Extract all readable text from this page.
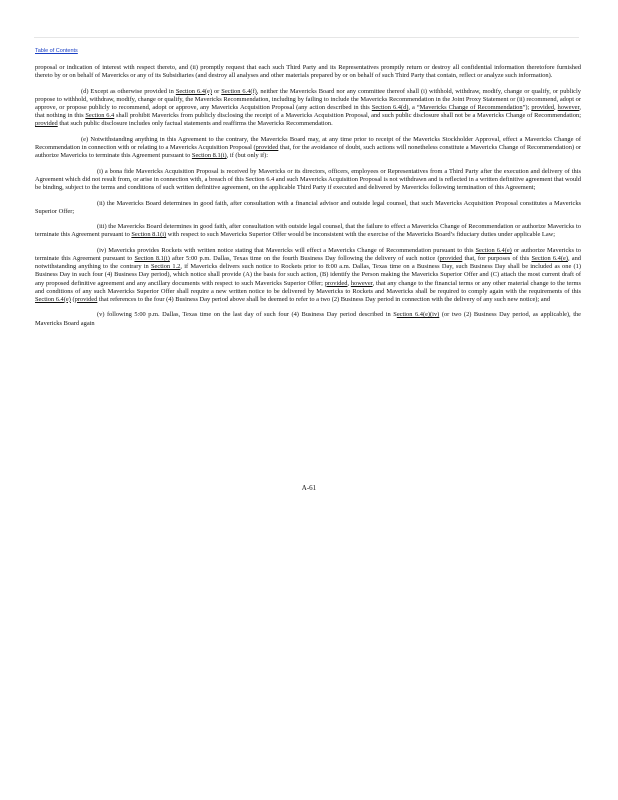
Table of Contents

proposal or indication of interest with respect thereto, and (ii) promptly request that each such Third Party and its Representatives promptly return or destroy all confidential information theretofore furnished thereto by or on behalf of Mavericks or any of its Subsidiaries (and destroy all analyses and other materials prepared by or on behalf of such Third Party that contain, reflect or analyze such information).

(d) Except as otherwise provided in Section 6.4(e) or Section 6.4(f), neither the Mavericks Board nor any committee thereof shall (i) withhold, withdraw, modify, change or qualify, or publicly propose to withhold, withdraw, modify, change or qualify, the Mavericks Recommendation, including by failing to include the Mavericks Recommendation in the Joint Proxy Statement or (ii) recommend, adopt or approve, or propose publicly to recommend, adopt or approve, any Mavericks Acquisition Proposal (any action described in this Section 6.4(d), a “Mavericks Change of Recommendation”); provided, however, that nothing in this Section 6.4 shall prohibit Mavericks from publicly disclosing the receipt of a Mavericks Acquisition Proposal, and such public disclosure shall not be a Mavericks Change of Recommendation; provided that such public disclosure includes only factual statements and reaffirms the Mavericks Recommendation.

(e) Notwithstanding anything in this Agreement to the contrary, the Mavericks Board may, at any time prior to receipt of the Mavericks Stockholder Approval, effect a Mavericks Change of Recommendation in connection with or relating to a Mavericks Acquisition Proposal (provided that, for the avoidance of doubt, such actions will nonetheless constitute a Mavericks Change of Recommendation) or authorize Mavericks to terminate this Agreement pursuant to Section 8.1(i), if (but only if):

(i) a bona fide Mavericks Acquisition Proposal is received by Mavericks or its directors, officers, employees or Representatives from a Third Party after the execution and delivery of this Agreement which did not result from, or arise in connection with, a breach of this Section 6.4 and such Mavericks Acquisition Proposal is not withdrawn and is reflected in a written definitive agreement that would be binding, subject to the terms and conditions of such written definitive agreement, on the applicable Third Party if executed and delivered by Mavericks following termination of this Agreement;

(ii) the Mavericks Board determines in good faith, after consultation with a financial advisor and outside legal counsel, that such Mavericks Acquisition Proposal constitutes a Mavericks Superior Offer;

(iii) the Mavericks Board determines in good faith, after consultation with outside legal counsel, that the failure to effect a Mavericks Change of Recommendation or authorize Mavericks to terminate this Agreement pursuant to Section 8.1(i) with respect to such Mavericks Superior Offer would be inconsistent with the exercise of the Mavericks Board’s fiduciary duties under applicable Law;

(iv) Mavericks provides Rockets with written notice stating that Mavericks will effect a Mavericks Change of Recommendation pursuant to this Section 6.4(e) or authorize Mavericks to terminate this Agreement pursuant to Section 8.1(i) after 5:00 p.m. Dallas, Texas time on the fourth Business Day following the delivery of such notice (provided that, for purposes of this Section 6.4(e), and notwithstanding anything to the contrary in Section 1.2, if Mavericks delivers such notice to Rockets prior to 8:00 a.m. Dallas, Texas time on a Business Day, such Business Day shall be included as one (1) Business Day in such four (4) Business Day period), which notice shall provide (A) the basis for such action, (B) identify the Person making the Mavericks Superior Offer and (C) attach the most current draft of any proposed definitive agreement and any ancillary documents with respect to such Mavericks Superior Offer; provided, however, that any change to the financial terms or any other material change to the terms and conditions of any such Mavericks Superior Offer shall require a new written notice to be delivered by Mavericks to Rockets and Mavericks shall be required to comply again with the requirements of this Section 6.4(e) (provided that references to the four (4) Business Day period above shall be deemed to refer to a two (2) Business Day period in connection with the delivery of any such new notice); and

(v) following 5:00 p.m. Dallas, Texas time on the last day of such four (4) Business Day period described in Section 6.4(e)(iv) (or two (2) Business Day period, as applicable), the Mavericks Board again

A-61
